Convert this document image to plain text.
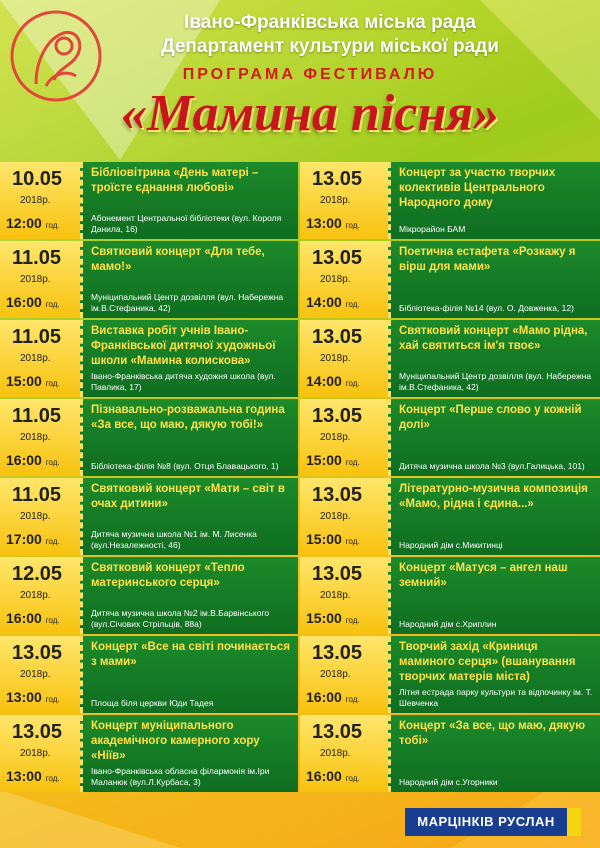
Івано-Франківська міська рада
Департамент культури міської ради
ПРОГРАМА ФЕСТИВАЛЮ
«Мамина пісня»
10.05
2018р.
12:00 год.
Бібліовітрина «День матері – троїсте єднання любові»
Абонемент Центральної бібліотеки (вул. Короля Данила, 16)
11.05
2018р.
16:00 год.
Святковий концерт «Для тебе, мамо!»
Муніципальний Центр дозвілля (вул. Набережна ім.В.Стефаника, 42)
11.05
2018р.
15:00 год.
Виставка робіт учнів Івано-Франківської дитячої художньої школи «Мамина колискова»
Івано-Франківська дитяча художня школа (вул. Павлика, 17)
11.05
2018р.
16:00 год.
Пізнавально-розважальна година «За все, що маю, дякую тобі!»
Бібліотека-філія №8 (вул. Отця Блавацького, 1)
11.05
2018р.
17:00 год.
Святковий концерт «Мати – світ в очах дитини»
Дитяча музична школа №1 ім. М. Лисенка (вул.Незалежності, 46)
12.05
2018р.
16:00 год.
Святковий концерт «Тепло материнського серця»
Дитяча музична школа №2 ім.В.Барвінського (вул.Січових Стрільців, 88а)
13.05
2018р.
13:00 год.
Концерт «Все на світі починається з мами»
Площа біля церкви Юди Тадея
13.05
2018р.
13:00 год.
Концерт муніципального академічного камерного хору «Ніїв»
Івано-Франківська обласна філармонія ім.Іри Маланюк (вул.Л.Курбаса, 3)
13.05
2018р.
13:00 год.
Концерт за участю творчих колективів Центрального Народного дому
Мікрорайон БАМ
13.05
2018р.
14:00 год.
Поетична естафета «Розкажу я вірш для мами»
Бібліотека-філія №14 (вул. О. Довженка, 12)
13.05
2018р.
14:00 год.
Святковий концерт «Мамо рідна, хай святиться ім'я твоє»
Муніципальний Центр дозвілля (вул. Набережна ім.В.Стефаника, 42)
13.05
2018р.
15:00 год.
Концерт «Перше слово у кожній долі»
Дитяча музична школа №3 (вул.Галицька, 101)
13.05
2018р.
15:00 год.
Літературно-музична композиція «Мамо, рідна і єдина...»
Народний дім с.Микитинці
13.05
2018р.
15:00 год.
Концерт «Матуся – ангел наш земний»
Народний дім с.Хриплин
13.05
2018р.
16:00 год.
Творчий захід «Криниця маминого серця» (вшанування творчих матерів міста)
Літня естрада парку культури та відпочинку ім. Т. Шевченка
13.05
2018р.
16:00 год.
Концерт «За все, що маю, дякую тобі»
Народний дім с.Угорники
МАРЦІНКІВ РУСЛАН
